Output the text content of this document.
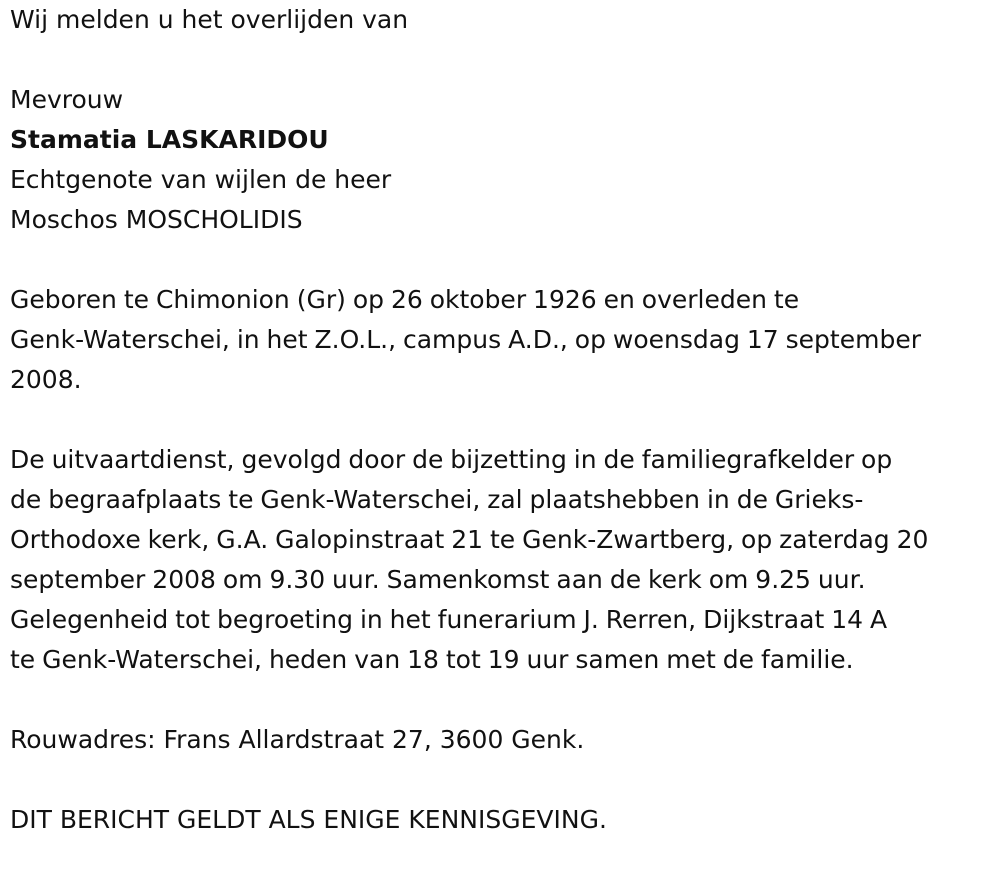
Wij melden u het overlijden van

Mevrouw

Stamatia LASKARIDOU

Echtgenote van wijlen de heer

Moschos MOSCHOLIDIS

Geboren te Chimonion (Gr) op 26 oktober 1926 en overleden te

Genk-Waterschei, in het Z.O.L., campus A.D., op woensdag 17 september

2008.

De uitvaartdienst, gevolgd door de bijzetting in de familiegrafkelder op

de begraafplaats te Genk-Waterschei, zal plaatshebben in de Grieks-

Orthodoxe kerk, G.A. Galopinstraat 21 te Genk-Zwartberg, op zaterdag 20

september 2008 om 9.30 uur. Samenkomst aan de kerk om 9.25 uur.

Gelegenheid tot begroeting in het funerarium J. Rerren, Dijkstraat 14 A

te Genk-Waterschei, heden van 18 tot 19 uur samen met de familie.

Rouwadres: Frans Allardstraat 27, 3600 Genk.

DIT BERICHT GELDT ALS ENIGE KENNISGEVING.
